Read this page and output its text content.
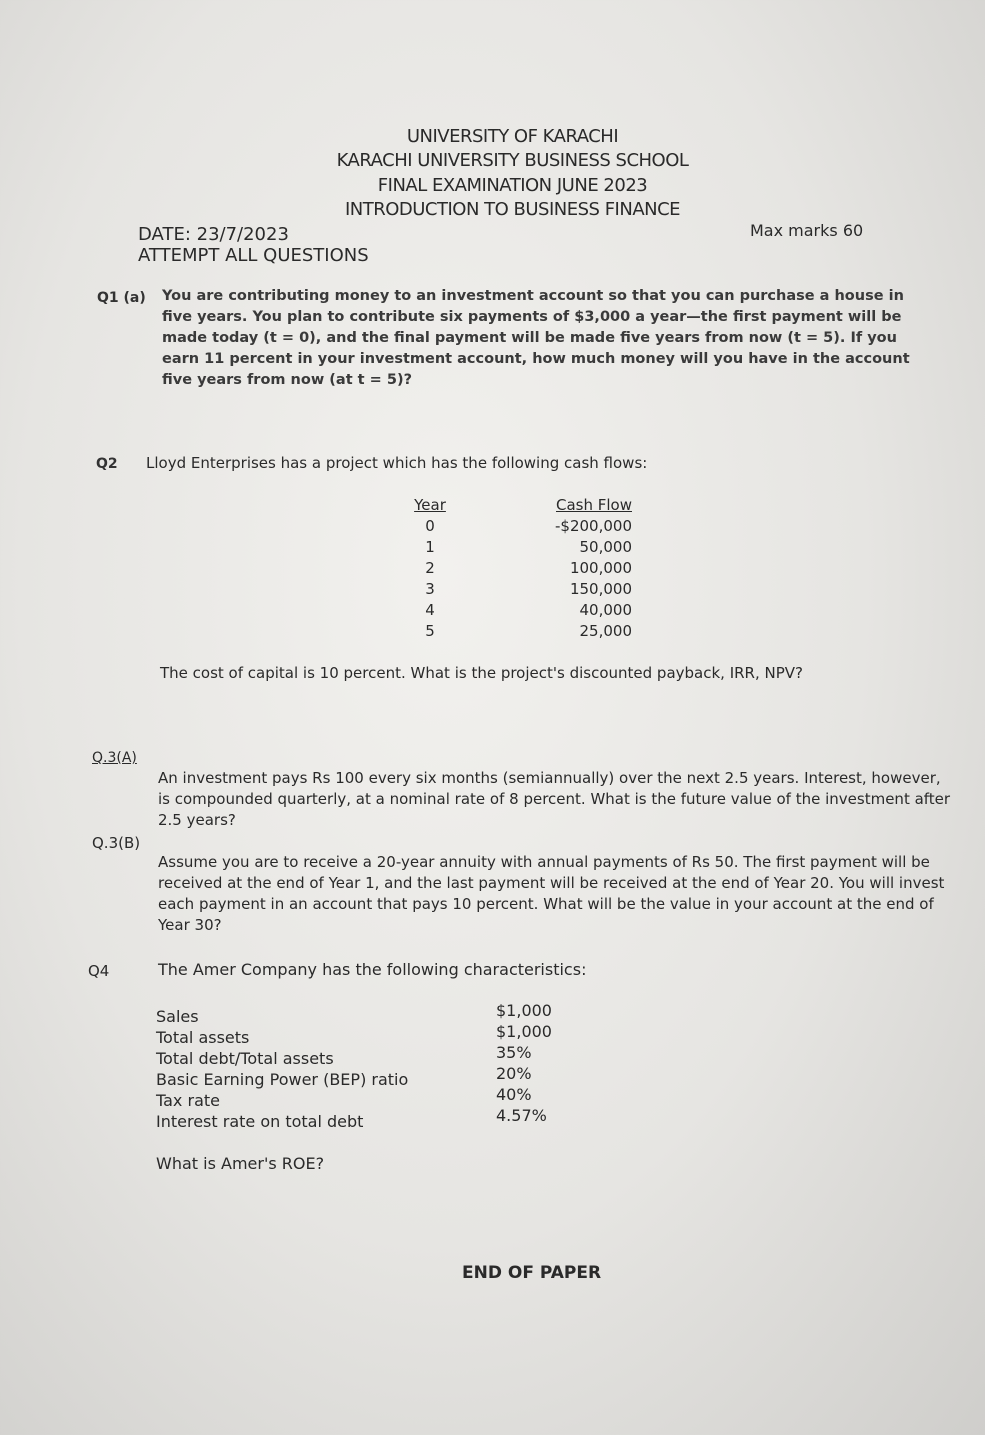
UNIVERSITY OF KARACHI
KARACHI UNIVERSITY BUSINESS SCHOOL
FINAL EXAMINATION JUNE 2023
INTRODUCTION TO BUSINESS FINANCE
DATE: 23/7/2023	Max marks 60
ATTEMPT ALL QUESTIONS
Q1 (a) You are contributing money to an investment account so that you can purchase a house in five years. You plan to contribute six payments of $3,000 a year—the first payment will be made today (t = 0), and the final payment will be made five years from now (t = 5). If you earn 11 percent in your investment account, how much money will you have in the account five years from now (at t = 5)?
Q2 Lloyd Enterprises has a project which has the following cash flows:
Year
0
1
2
3
4
5
Cash Flow
-$200,000
50,000
100,000
150,000
40,000
25,000
The cost of capital is 10 percent. What is the project's discounted payback, IRR, NPV?
Q.3(A)
An investment pays Rs 100 every six months (semiannually) over the next 2.5 years. Interest, however, is compounded quarterly, at a nominal rate of 8 percent. What is the future value of the investment after 2.5 years?
Q.3(B)
Assume you are to receive a 20-year annuity with annual payments of Rs 50. The first payment will be received at the end of Year 1, and the last payment will be received at the end of Year 20. You will invest each payment in an account that pays 10 percent. What will be the value in your account at the end of Year 30?
Q4	The Amer Company has the following characteristics:
Sales
Total assets
Total debt/Total assets
Basic Earning Power (BEP) ratio
Tax rate
Interest rate on total debt
$1,000
$1,000
35%
20%
40%
4.57%
What is Amer's ROE?
END OF PAPER
